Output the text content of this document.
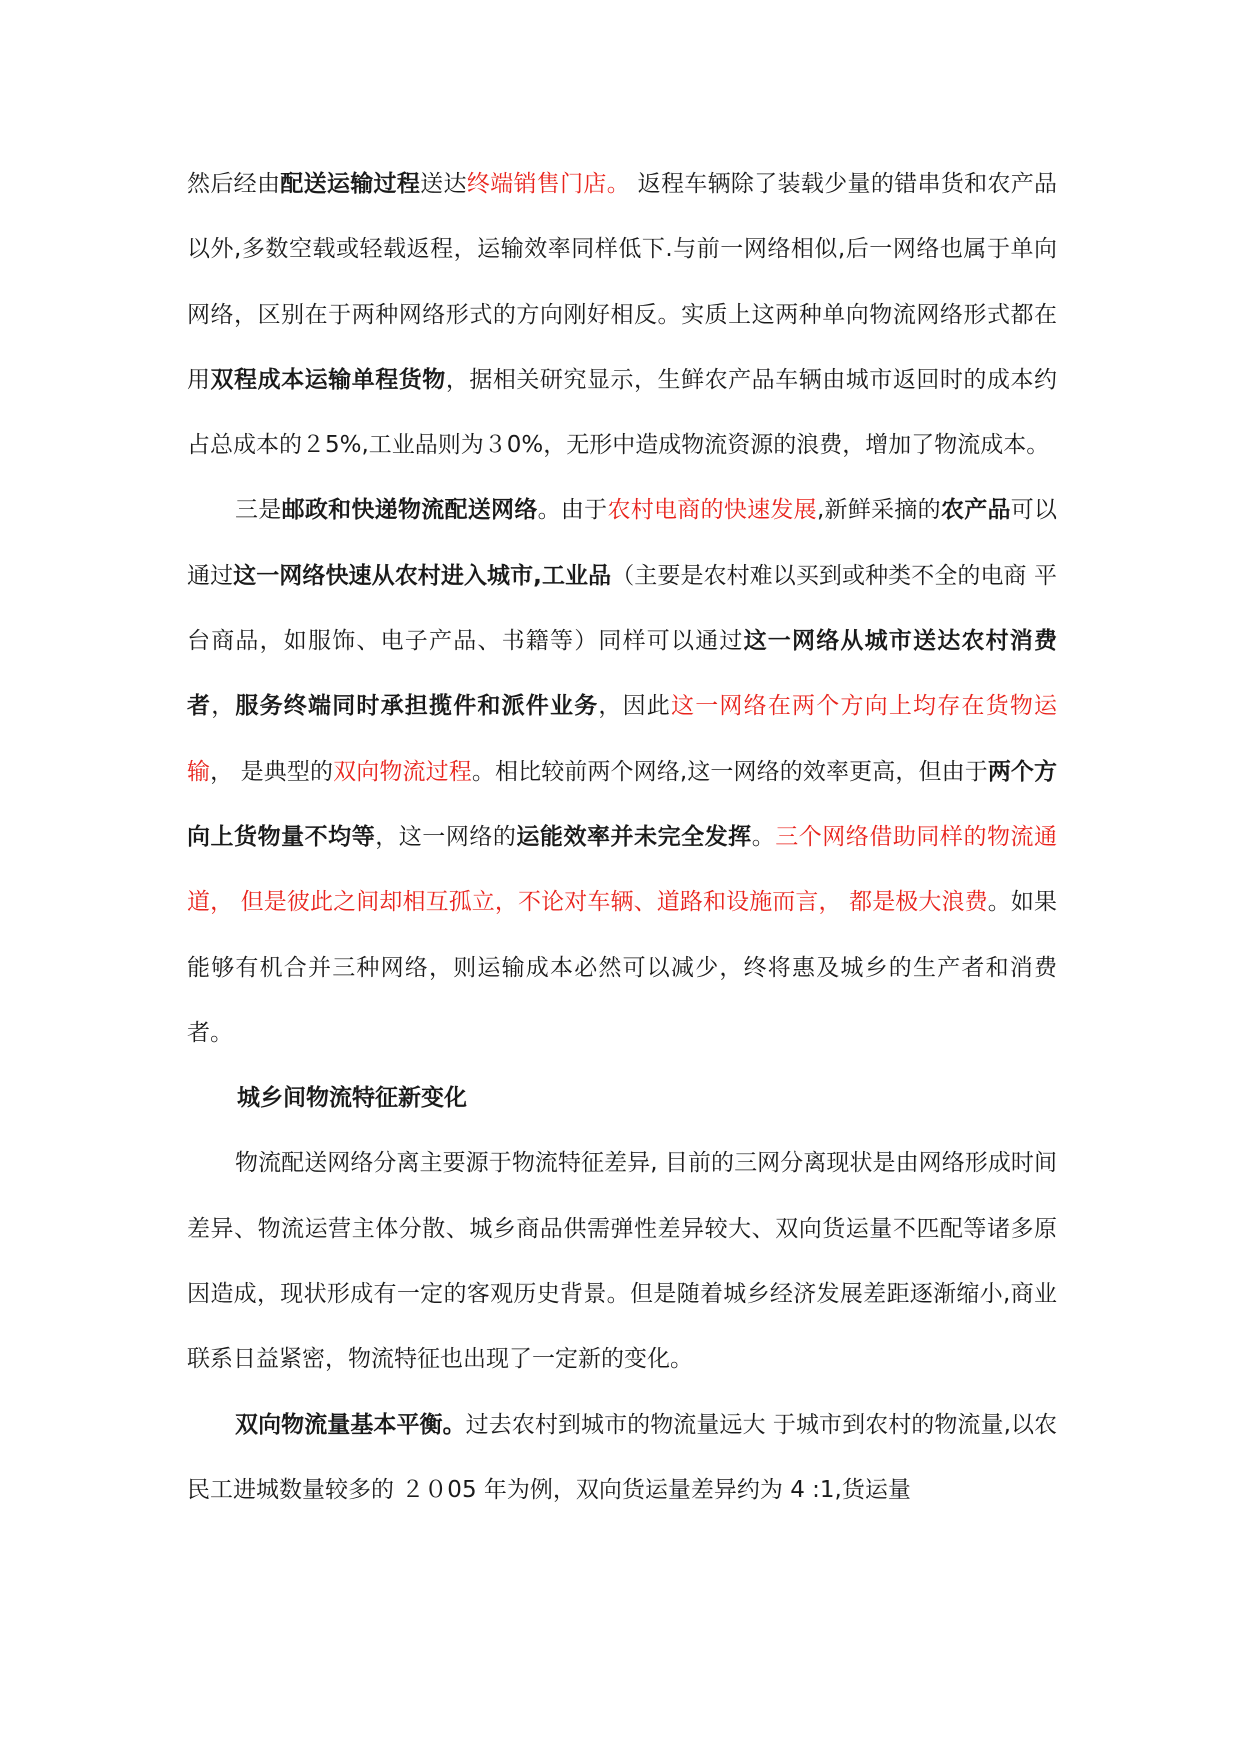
然后经由配送运输过程送达终端销售门店。 返程车辆除了装载少量的错串货和农产品以外,多数空载或轻载返程，运输效率同样低下.与前一网络相似,后一网络也属于单向网络，区别在于两种网络形式的方向刚好相反。实质上这两种单向物流网络形式都在用双程成本运输单程货物，据相关研究显示，生鲜农产品车辆由城市返回时的成本约占总成本的２5%,工业品则为３0%，无形中造成物流资源的浪费，增加了物流成本。

三是邮政和快递物流配送网络。由于农村电商的快速发展,新鲜采摘的农产品可以通过这一网络快速从农村进入城市,工业品（主要是农村难以买到或种类不全的电商 平台商品，如服饰、电子产品、书籍等）同样可以通过这一网络从城市送达农村消费者，服务终端同时承担揽件和派件业务，因此这一网络在两个方向上均存在货物运输， 是典型的双向物流过程。相比较前两个网络,这一网络的效率更高，但由于两个方向上货物量不均等，这一网络的运能效率并未完全发挥。三个网络借助同样的物流通道， 但是彼此之间却相互孤立，不论对车辆、道路和设施而言， 都是极大浪费。如果能够有机合并三种网络，则运输成本必然可以减少，终将惠及城乡的生产者和消费者。

城乡间物流特征新变化

物流配送网络分离主要源于物流特征差异, 目前的三网分离现状是由网络形成时间差异、物流运营主体分散、城乡商品供需弹性差异较大、双向货运量不匹配等诸多原因造成，现状形成有一定的客观历史背景。但是随着城乡经济发展差距逐渐缩小,商业联系日益紧密，物流特征也出现了一定新的变化。

双向物流量基本平衡。过去农村到城市的物流量远大 于城市到农村的物流量,以农民工进城数量较多的 ２０05 年为例，双向货运量差异约为 4 :1,货运量
